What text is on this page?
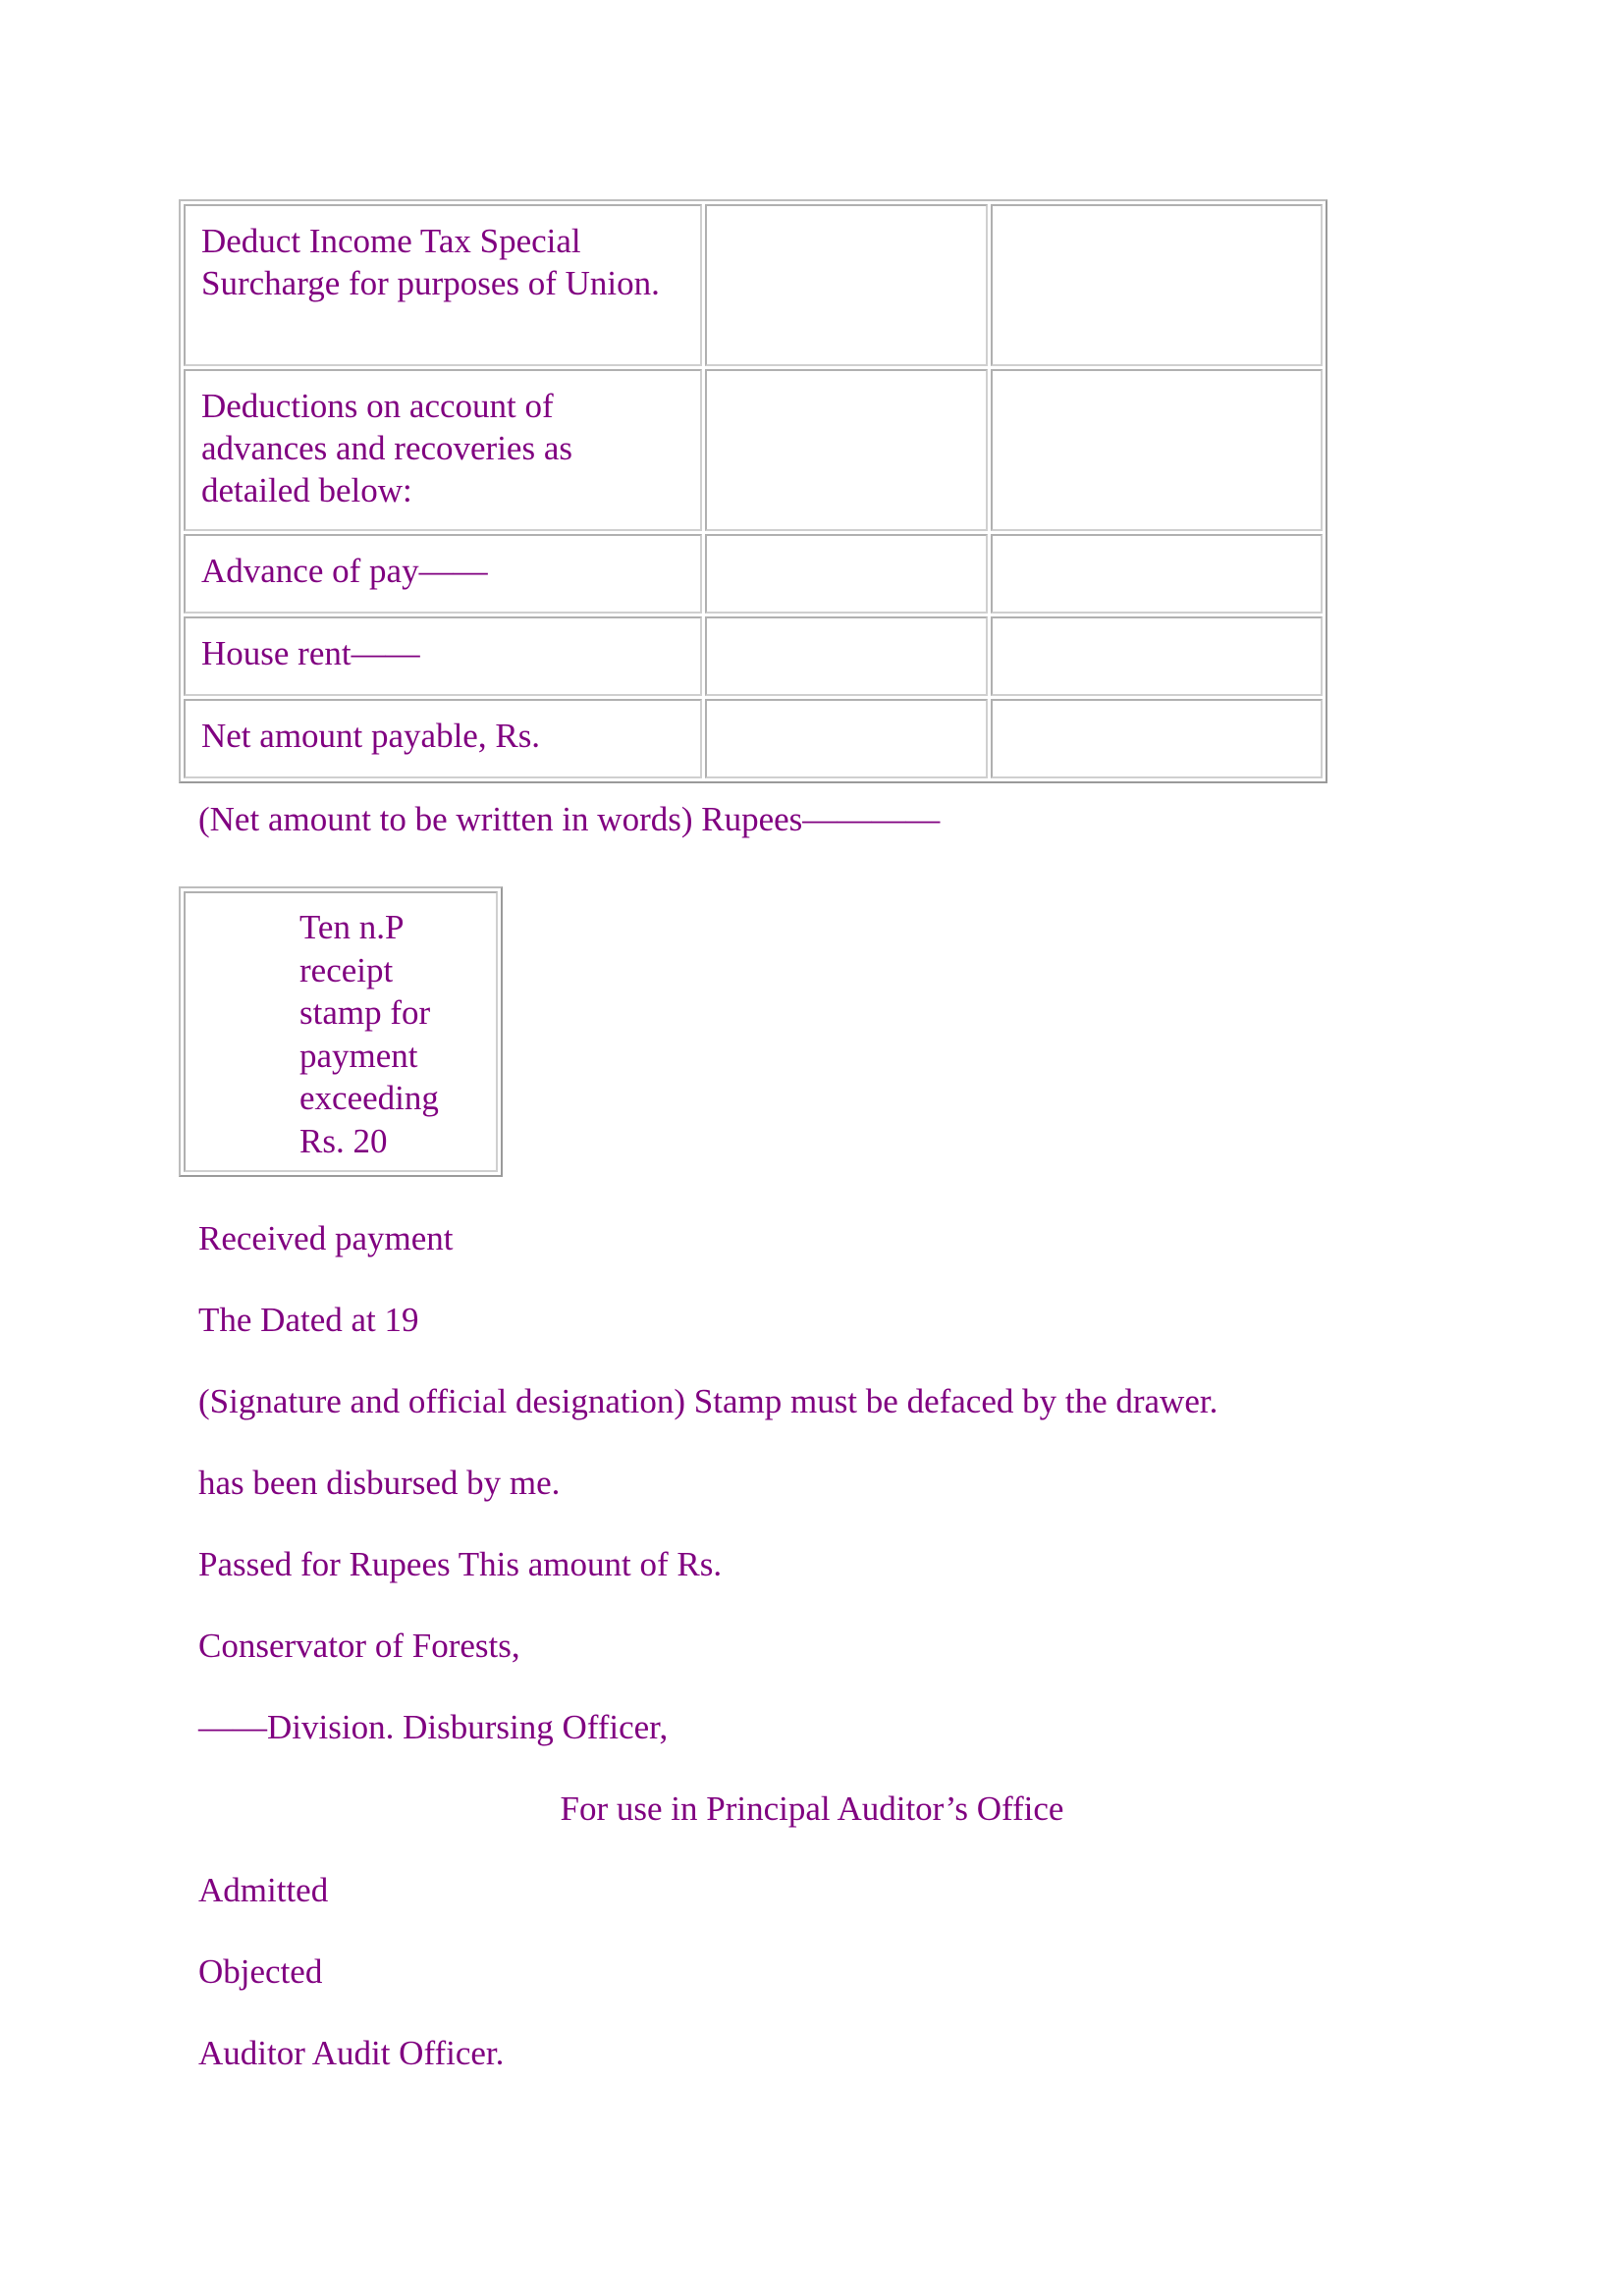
Deduct Income Tax Special Surcharge for purposes of Union.		
Deductions on account of advances and recoveries as detailed below:		
Advance of pay——		
House rent——		
Net amount payable, Rs.		
(Net amount to be written in words) Rupees————
Ten n.P receipt stamp for payment exceeding Rs. 20
Received payment
The Dated at 19
(Signature and official designation) Stamp must be defaced by the drawer.
has been disbursed by me.
Passed for Rupees This amount of Rs.
Conservator of Forests,
——Division. Disbursing Officer,
For use in Principal Auditor’s Office
Admitted
Objected
Auditor Audit Officer.
